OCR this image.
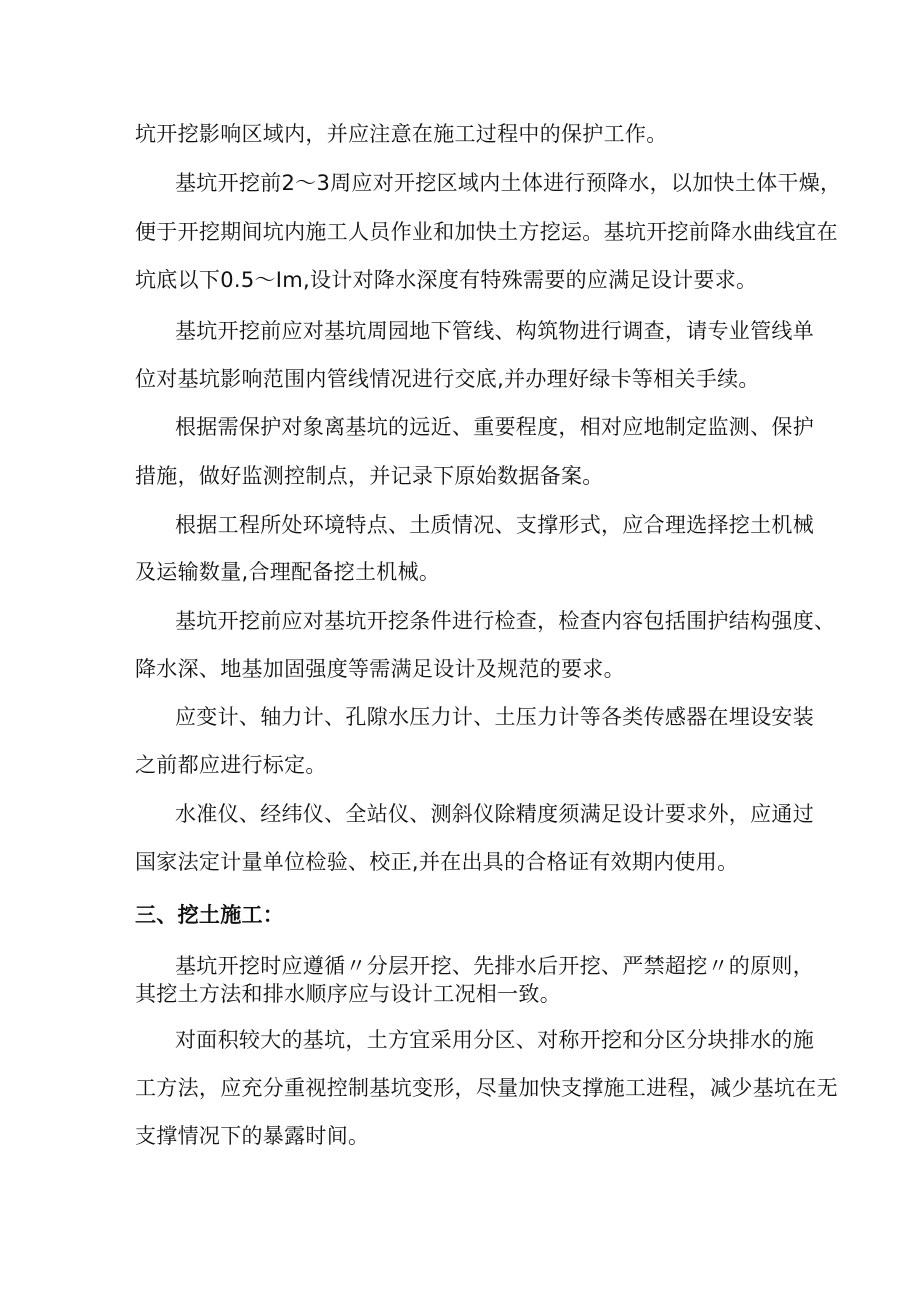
坑开挖影响区域内，并应注意在施工过程中的保护工作。
基坑开挖前2～3周应对开挖区域内土体进行预降水，以加快土体干燥，
便于开挖期间坑内施工人员作业和加快土方挖运。基坑开挖前降水曲线宜在
坑底以下0.5～Im,设计对降水深度有特殊需要的应满足设计要求。
基坑开挖前应对基坑周园地下管线、构筑物进行调查，请专业管线单
位对基坑影响范围内管线情况进行交底,并办理好绿卡等相关手续。
根据需保护对象离基坑的远近、重要程度，相对应地制定监测、保护
措施，做好监测控制点，并记录下原始数据备案。
根据工程所处环境特点、土质情况、支撑形式，应合理选择挖土机械
及运输数量,合理配备挖土机械。
基坑开挖前应对基坑开挖条件进行检查，检查内容包括围护结构强度、
降水深、地基加固强度等需满足设计及规范的要求。
应变计、轴力计、孔隙水压力计、土压力计等各类传感器在埋设安装
之前都应进行标定。
水准仪、经纬仪、全站仪、测斜仪除精度须满足设计要求外，应通过
国家法定计量单位检验、校正,并在出具的合格证有效期内使用。
三、挖土施工：
基坑开挖时应遵循〃分层开挖、先排水后开挖、严禁超挖〃的原则，
其挖土方法和排水顺序应与设计工况相一致。
对面积较大的基坑，土方宜采用分区、对称开挖和分区分块排水的施
工方法，应充分重视控制基坑变形，尽量加快支撑施工进程，减少基坑在无
支撑情况下的暴露时间。
